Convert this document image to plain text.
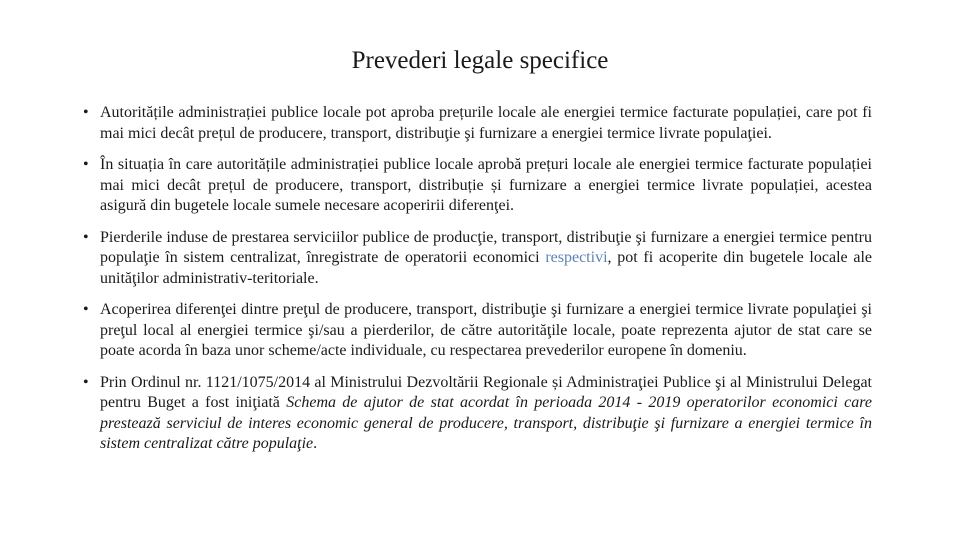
Prevederi legale specifice
• Autoritățile administrației publice locale pot aproba prețurile locale ale energiei termice facturate populației, care pot fi mai mici decât prețul de producere, transport, distribuţie şi furnizare a energiei termice livrate populaţiei.
• În situația în care autoritățile administrației publice locale aprobă prețuri locale ale energiei termice facturate populației mai mici decât prețul de producere, transport, distribuție și furnizare a energiei termice livrate populației, acestea asigură din bugetele locale sumele necesare acoperirii diferenţei.
• Pierderile induse de prestarea serviciilor publice de producţie, transport, distribuţie şi furnizare a energiei termice pentru populaţie în sistem centralizat, înregistrate de operatorii economici respectivi, pot fi acoperite din bugetele locale ale unităţilor administrativ-teritoriale.
• Acoperirea diferenţei dintre preţul de producere, transport, distribuţie şi furnizare a energiei termice livrate populaţiei şi preţul local al energiei termice şi/sau a pierderilor, de către autorităţile locale, poate reprezenta ajutor de stat care se poate acorda în baza unor scheme/acte individuale, cu respectarea prevederilor europene în domeniu.
• Prin Ordinul nr. 1121/1075/2014 al Ministrului Dezvoltării Regionale și Administraţiei Publice şi al Ministrului Delegat pentru Buget a fost iniţiată Schema de ajutor de stat acordat în perioada 2014 - 2019 operatorilor economici care prestează serviciul de interes economic general de producere, transport, distribuţie şi furnizare a energiei termice în sistem centralizat către populaţie.
